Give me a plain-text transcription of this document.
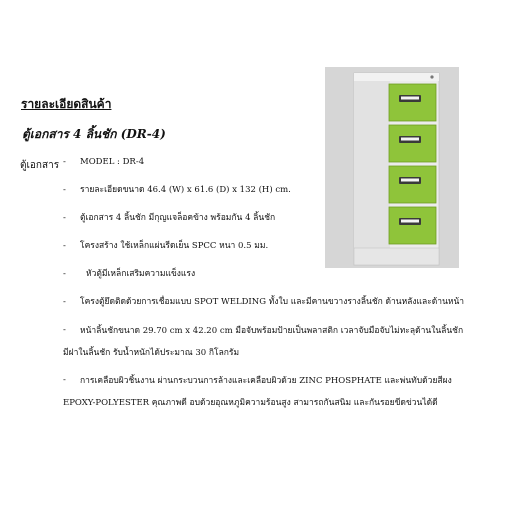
รายละเอียดสินค้า
ตู้เอกสาร 4 ลิ้นชัก (DR-4)
ตู้เอกสาร - MODEL : DR-4
- รายละเอียดขนาด 46.4 (W) x 61.6 (D) x 132 (H) cm.
- ตู้เอกสาร 4 ลิ้นชัก มีกุญแจล็อคข้าง พร้อมกัน 4 ลิ้นชัก
- โครงสร้าง ใช้เหล็กแผ่นรีดเย็น SPCC หนา 0.5 มม.
- หัวตู้มีเหล็กเสริมความแข็งแรง
- โครงตู้ยึดติดด้วยการเชื่อมแบบ SPOT WELDING ทั้งใบ และมีคานขวางรางลิ้นชัก ด้านหลังและด้านหน้า
- หน้าลิ้นชักขนาด 29.70 cm x 42.20 cm มือจับพร้อมป้ายเป็นพลาสติก เวลาจับมือจับไม่ทะลุด้านในลิ้นชัก
มีฝาในลิ้นชัก รับน้ำหนักได้ประมาณ 30 กิโลกรัม
- การเคลือบผิวชิ้นงาน ผ่านกระบวนการล้างและเคลือบผิวด้วย ZINC PHOSPHATE และพ่นทับด้วยสีผง
EPOXY-POLYESTER คุณภาพดี อบด้วยอุณหภูมิความร้อนสูง สามารถกันสนิม และกันรอยขีดข่วนได้ดี
